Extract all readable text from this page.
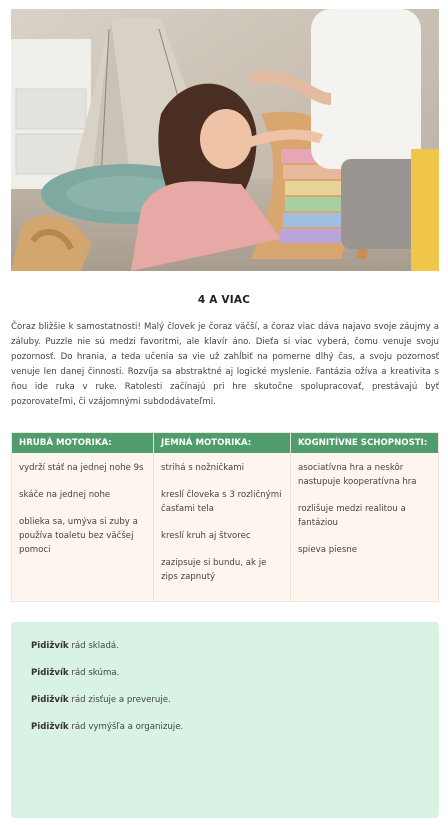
4 A VIAC
Čoraz bližšie k samostatnosti! Malý človek je čoraz väčší, a čoraz viac dáva najavo svoje záujmy a záluby. Puzzle nie sú medzi favoritmi, ale klavír áno. Dieťa si viac vyberá, čomu venuje svoju pozornosť. Do hrania, a teda učenia sa vie už zahĺbiť na pomerne dlhý čas, a svoju pozornosť venuje len danej činnosti. Rozvíja sa abstraktné aj logické myslenie. Fantázia ožíva a kreativita s ňou ide ruka v ruke. Ratolesti začínajú pri hre skutočne spolupracovať, prestávajú byť pozorovateľmi, či vzájomnými subdodávateľmi.
HRUBÁ MOTORIKA:
vydrží stáť na jednej nohe 9s
skáče na jednej nohe
oblieka sa, umýva si zuby a používa toaletu bez väčšej pomoci
JEMNÁ MOTORIKA:
strihá s nožničkami
kreslí človeka s 3 rozličnými časťami tela
kreslí kruh aj štvorec
zazipsuje si bundu, ak je zips zapnutý
KOGNITÍVNE SCHOPNOSTI:
asociatívna hra a neskôr nastupuje kooperatívna hra
rozlišuje medzi realitou a fantáziou
spieva piesne
Pidižvík rád skladá.
Pidižvík rád skúma.
Pidižvík rád zisťuje a preveruje.
Pidižvík rád vymýšľa a organizuje.
